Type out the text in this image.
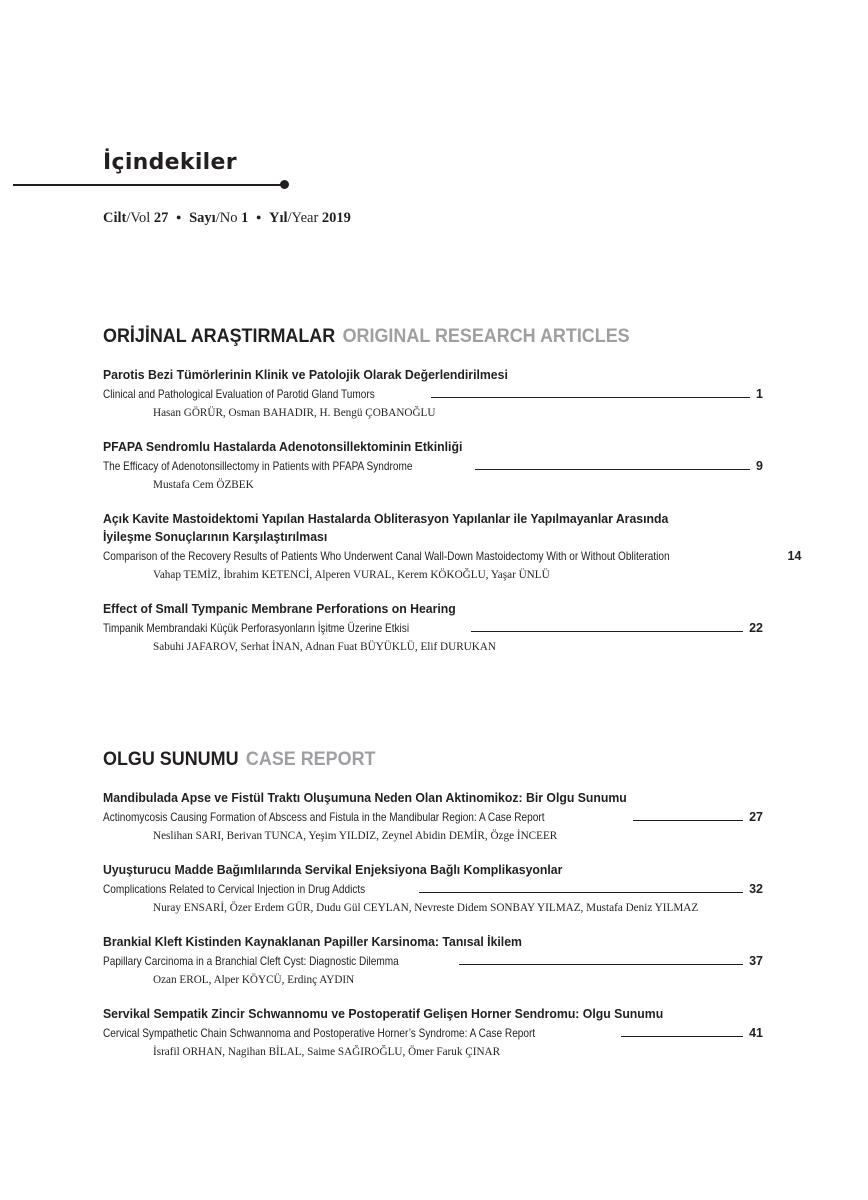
İçindekiler
Cilt/Vol 27 ● Sayı/No 1 ● Yıl/Year 2019
ORİJİNAL ARAŞTIRMALAR ORIGINAL RESEARCH ARTICLES
Parotis Bezi Tümörlerinin Klinik ve Patolojik Olarak Değerlendirilmesi
Clinical and Pathological Evaluation of Parotid Gland Tumors	1
Hasan GÖRÜR, Osman BAHADIR, H. Bengü ÇOBANOĞLU
PFAPA Sendromlu Hastalarda Adenotonsillektominin Etkinliği
The Efficacy of Adenotonsillectomy in Patients with PFAPA Syndrome	9
Mustafa Cem ÖZBEK
Açık Kavite Mastoidektomi Yapılan Hastalarda Obliterasyon Yapılanlar ile Yapılmayanlar Arasında
İyileşme Sonuçlarının Karşılaştırılması
Comparison of the Recovery Results of Patients Who Underwent Canal Wall-Down Mastoidectomy With or Without Obliteration	14
Vahap TEMİZ, İbrahim KETENCİ, Alperen VURAL, Kerem KÖKOĞLU, Yaşar ÜNLÜ
Effect of Small Tympanic Membrane Perforations on Hearing
Timpanik Membrandaki Küçük Perforasyonların İşitme Üzerine Etkisi	22
Sabuhi JAFAROV, Serhat İNAN, Adnan Fuat BÜYÜKLÜ, Elif DURUKAN
OLGU SUNUMU CASE REPORT
Mandibulada Apse ve Fistül Traktı Oluşumuna Neden Olan Aktinomikoz: Bir Olgu Sunumu
Actinomycosis Causing Formation of Abscess and Fistula in the Mandibular Region: A Case Report	27
Neslihan SARI, Berivan TUNCA, Yeşim YILDIZ, Zeynel Abidin DEMİR, Özge İNCEER
Uyuşturucu Madde Bağımlılarında Servikal Enjeksiyona Bağlı Komplikasyonlar
Complications Related to Cervical Injection in Drug Addicts	32
Nuray ENSARİ, Özer Erdem GÜR, Dudu Gül CEYLAN, Nevreste Didem SONBAY YILMAZ, Mustafa Deniz YILMAZ
Brankial Kleft Kistinden Kaynaklanan Papiller Karsinoma: Tanısal İkilem
Papillary Carcinoma in a Branchial Cleft Cyst: Diagnostic Dilemma	37
Ozan EROL, Alper KÖYCÜ, Erdinç AYDIN
Servikal Sempatik Zincir Schwannomu ve Postoperatif Gelişen Horner Sendromu: Olgu Sunumu
Cervical Sympathetic Chain Schwannoma and Postoperative Horner’s Syndrome: A Case Report	41
İsrafil ORHAN, Nagihan BİLAL, Saime SAĞIROĞLU, Ömer Faruk ÇINAR
